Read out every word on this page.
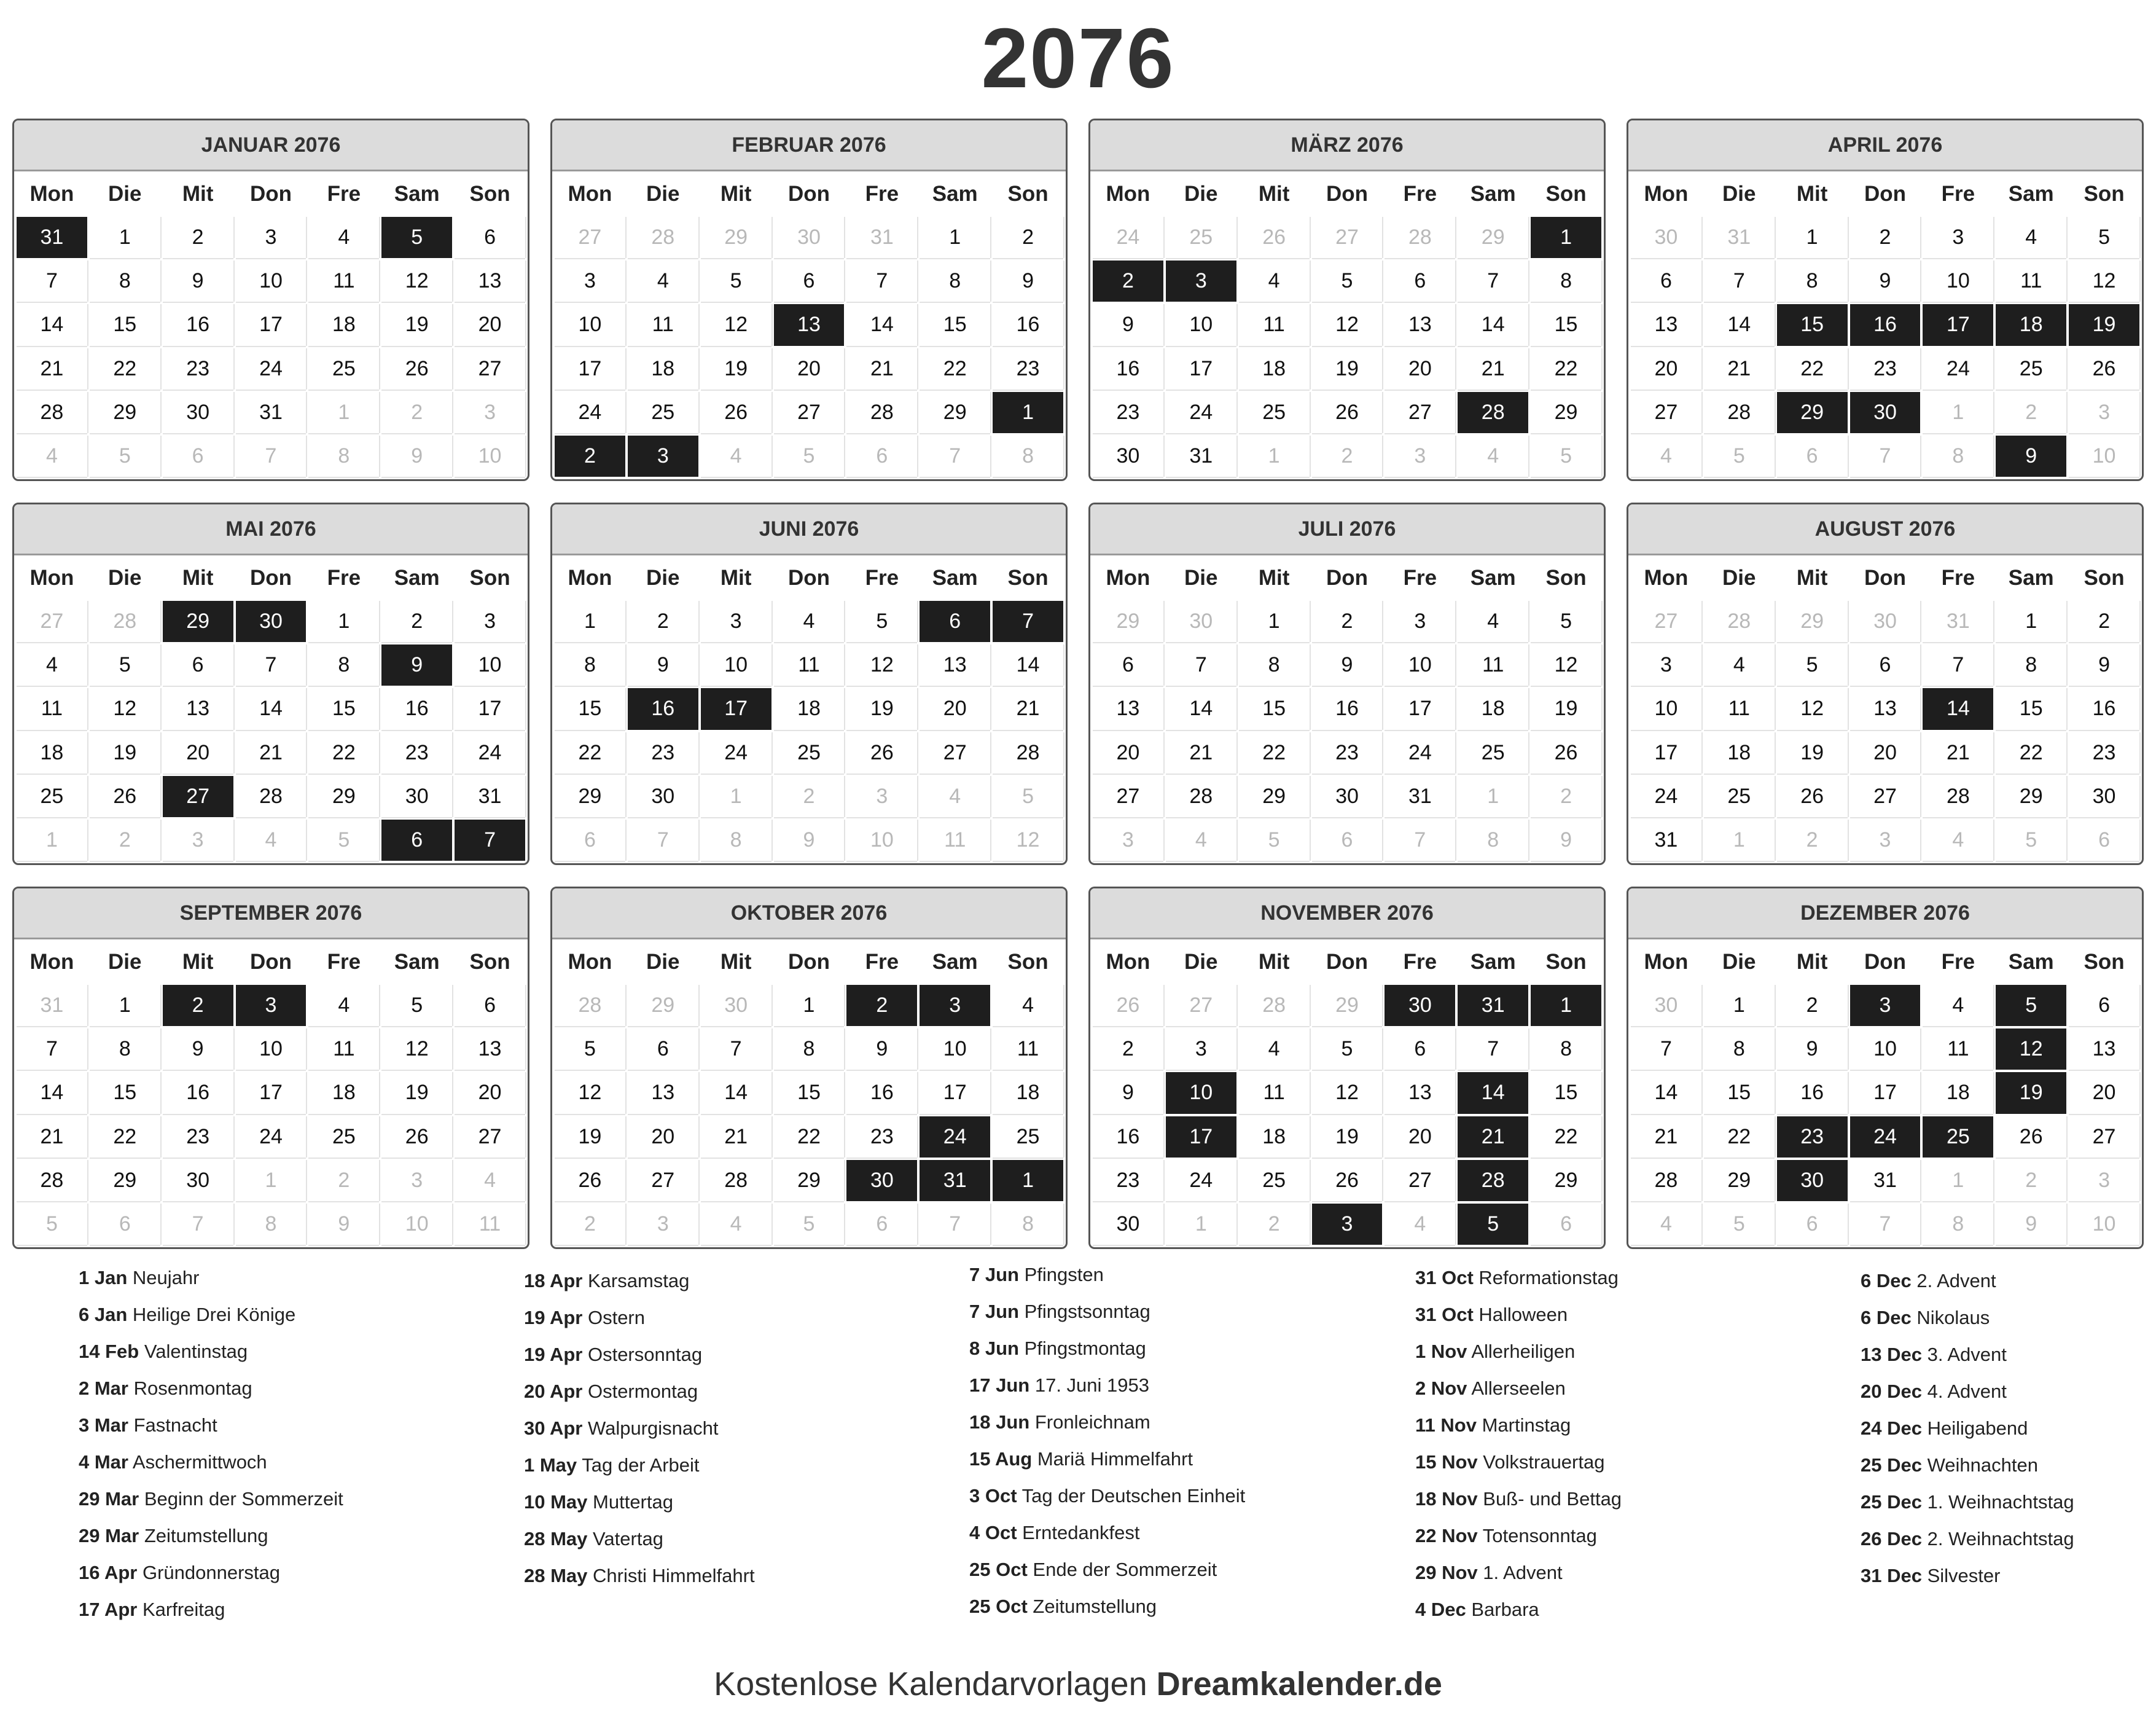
2076
JANUAR 2076
Mon	Die	Mit	Don	Fre	Sam	Son
31	1	2	3	4	5	6
7	8	9	10	11	12	13
14	15	16	17	18	19	20
21	22	23	24	25	26	27
28	29	30	31	1	2	3
4	5	6	7	8	9	10
FEBRUAR 2076
Mon	Die	Mit	Don	Fre	Sam	Son
27	28	29	30	31	1	2
3	4	5	6	7	8	9
10	11	12	13	14	15	16
17	18	19	20	21	22	23
24	25	26	27	28	29	1
2	3	4	5	6	7	8
MÄRZ 2076
Mon	Die	Mit	Don	Fre	Sam	Son
24	25	26	27	28	29	1
2	3	4	5	6	7	8
9	10	11	12	13	14	15
16	17	18	19	20	21	22
23	24	25	26	27	28	29
30	31	1	2	3	4	5
APRIL 2076
Mon	Die	Mit	Don	Fre	Sam	Son
30	31	1	2	3	4	5
6	7	8	9	10	11	12
13	14	15	16	17	18	19
20	21	22	23	24	25	26
27	28	29	30	1	2	3
4	5	6	7	8	9	10
MAI 2076
Mon	Die	Mit	Don	Fre	Sam	Son
27	28	29	30	1	2	3
4	5	6	7	8	9	10
11	12	13	14	15	16	17
18	19	20	21	22	23	24
25	26	27	28	29	30	31
1	2	3	4	5	6	7
JUNI 2076
Mon	Die	Mit	Don	Fre	Sam	Son
1	2	3	4	5	6	7
8	9	10	11	12	13	14
15	16	17	18	19	20	21
22	23	24	25	26	27	28
29	30	1	2	3	4	5
6	7	8	9	10	11	12
JULI 2076
Mon	Die	Mit	Don	Fre	Sam	Son
29	30	1	2	3	4	5
6	7	8	9	10	11	12
13	14	15	16	17	18	19
20	21	22	23	24	25	26
27	28	29	30	31	1	2
3	4	5	6	7	8	9
AUGUST 2076
Mon	Die	Mit	Don	Fre	Sam	Son
27	28	29	30	31	1	2
3	4	5	6	7	8	9
10	11	12	13	14	15	16
17	18	19	20	21	22	23
24	25	26	27	28	29	30
31	1	2	3	4	5	6
SEPTEMBER 2076
Mon	Die	Mit	Don	Fre	Sam	Son
31	1	2	3	4	5	6
7	8	9	10	11	12	13
14	15	16	17	18	19	20
21	22	23	24	25	26	27
28	29	30	1	2	3	4
5	6	7	8	9	10	11
OKTOBER 2076
Mon	Die	Mit	Don	Fre	Sam	Son
28	29	30	1	2	3	4
5	6	7	8	9	10	11
12	13	14	15	16	17	18
19	20	21	22	23	24	25
26	27	28	29	30	31	1
2	3	4	5	6	7	8
NOVEMBER 2076
Mon	Die	Mit	Don	Fre	Sam	Son
26	27	28	29	30	31	1
2	3	4	5	6	7	8
9	10	11	12	13	14	15
16	17	18	19	20	21	22
23	24	25	26	27	28	29
30	1	2	3	4	5	6
DEZEMBER 2076
Mon	Die	Mit	Don	Fre	Sam	Son
30	1	2	3	4	5	6
7	8	9	10	11	12	13
14	15	16	17	18	19	20
21	22	23	24	25	26	27
28	29	30	31	1	2	3
4	5	6	7	8	9	10
1 Jan Neujahr
6 Jan Heilige Drei Könige
14 Feb Valentinstag
2 Mar Rosenmontag
3 Mar Fastnacht
4 Mar Aschermittwoch
29 Mar Beginn der Sommerzeit
29 Mar Zeitumstellung
16 Apr Gründonnerstag
17 Apr Karfreitag
18 Apr Karsamstag
19 Apr Ostern
19 Apr Ostersonntag
20 Apr Ostermontag
30 Apr Walpurgisnacht
1 May Tag der Arbeit
10 May Muttertag
28 May Vatertag
28 May Christi Himmelfahrt
7 Jun Pfingsten
7 Jun Pfingstsonntag
8 Jun Pfingstmontag
17 Jun 17. Juni 1953
18 Jun Fronleichnam
15 Aug Mariä Himmelfahrt
3 Oct Tag der Deutschen Einheit
4 Oct Erntedankfest
25 Oct Ende der Sommerzeit
25 Oct Zeitumstellung
31 Oct Reformationstag
31 Oct Halloween
1 Nov Allerheiligen
2 Nov Allerseelen
11 Nov Martinstag
15 Nov Volkstrauertag
18 Nov Buß- und Bettag
22 Nov Totensonntag
29 Nov 1. Advent
4 Dec Barbara
6 Dec 2. Advent
6 Dec Nikolaus
13 Dec 3. Advent
20 Dec 4. Advent
24 Dec Heiligabend
25 Dec Weihnachten
25 Dec 1. Weihnachtstag
26 Dec 2. Weihnachtstag
31 Dec Silvester
Kostenlose Kalendarvorlagen Dreamkalender.de
